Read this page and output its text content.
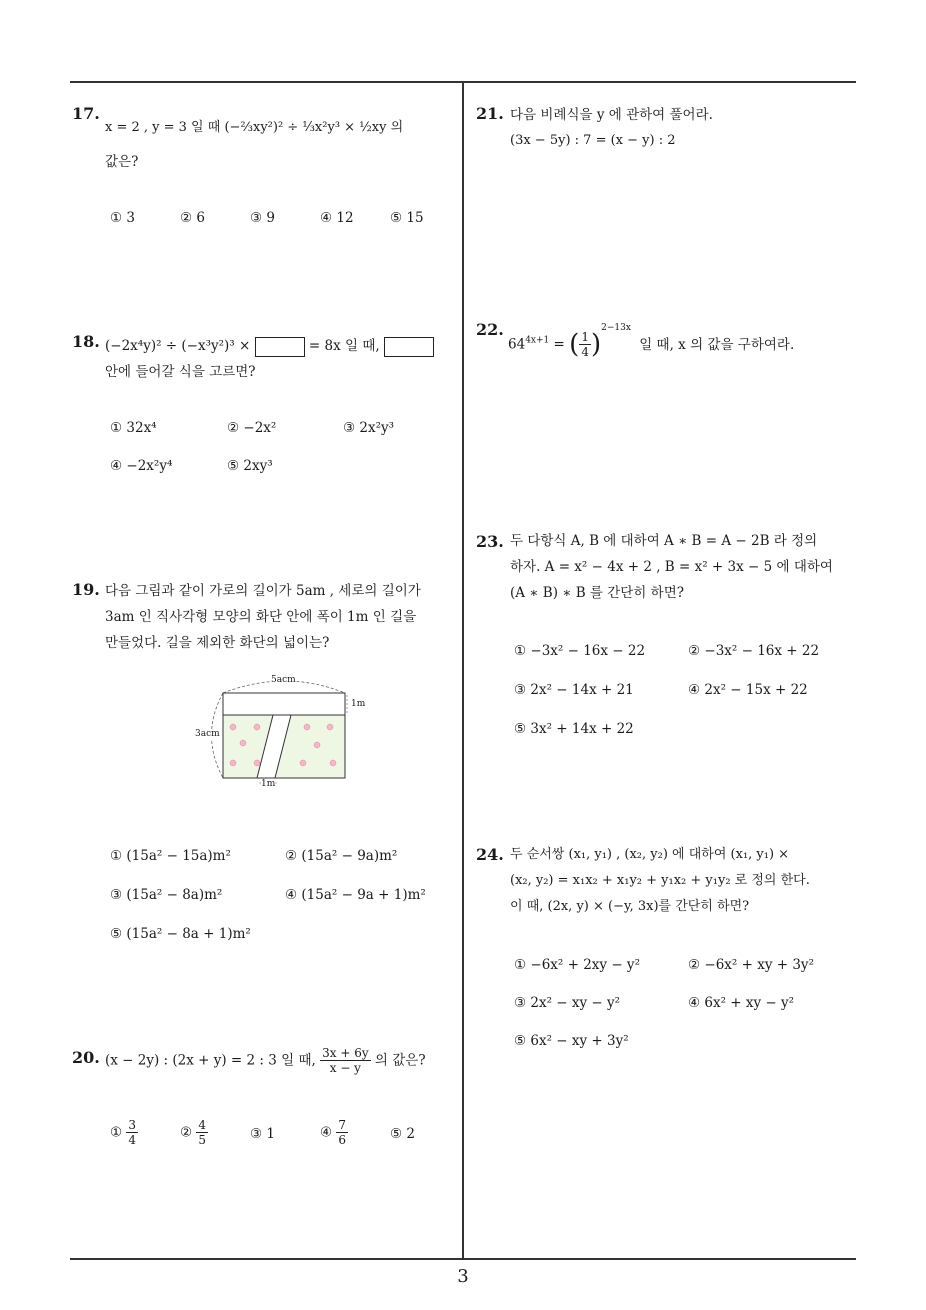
17.
x = 2 , y = 3 일 때 (−⅔xy²)² ÷ ⅓x²y³ × ½xy 의
값은?
① 3	② 6	③ 9	④ 12	⑤ 15
18. (−2x⁴y)² ÷ (−x³y²)³ ×	= 8x 일 때,
안에 들어갈 식을 고르면?
① 32x⁴	② −2x²	③ 2x²y³
④ −2x²y⁴	⑤ 2xy³
19. 다음 그림과 같이 가로의 길이가 5am , 세로의 길이가
3am 인 직사각형 모양의 화단 안에 폭이 1m 인 길을
만들었다. 길을 제외한 화단의 넓이는?
5acm
3acm
1m
1m
① (15a² − 15a)m²	② (15a² − 9a)m²
③ (15a² − 8a)m²	④ (15a² − 9a + 1)m²
⑤ (15a² − 8a + 1)m²
20. (x − 2y) : (2x + y) = 2 : 3 일 때, $\frac{3x + 6y}{x - y}$ 의 값은?
① $\frac{3}{4}$	② $\frac{4}{5}$	③ 1	④ $\frac{7}{6}$	⑤ 2
21. 다음 비례식을 y 에 관하여 풀어라.
(3x − 5y) : 7 = (x − y) : 2
22.
$64^{4x+1}$ = ( $\frac{1}{4} )^{2-13x}$ 일 때, x 의 값을 구하여라.
23. 두 다항식 A, B 에 대하여 A ∗ B = A − 2B 라 정의
하자. A = x² − 4x + 2 , B = x² + 3x − 5 에 대하여
(A ∗ B) ∗ B 를 간단히 하면?
① −3x² − 16x − 22	② −3x² − 16x + 22
③ 2x² − 14x + 21	④ 2x² − 15x + 22
⑤ 3x² + 14x + 22
24. 두 순서쌍 (x₁, y₁) , (x₂, y₂) 에 대하여 (x₁, y₁) ×
(x₂, y₂) = x₁x₂ + x₁y₂ + y₁x₂ + y₁y₂ 로 정의 한다.
이 때, (2x, y) × (−y, 3x)를 간단히 하면?
① −6x² + 2xy − y²	② −6x² + xy + 3y²
③ 2x² − xy − y²	④ 6x² + xy − y²
⑤ 6x² − xy + 3y²
3
